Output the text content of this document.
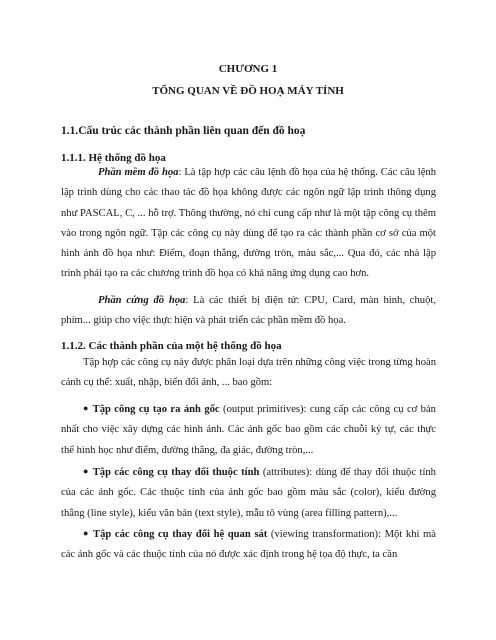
CHƯƠNG 1
TỔNG QUAN VỀ ĐỒ HOẠ MÁY TÍNH
1.1.Cấu trúc các thành phần liên quan đến đồ hoạ
1.1.1. Hệ thống đồ họa
Phần mềm đồ họa: Là tập hợp các câu lệnh đồ họa của hệ thống. Các câu lệnh lập trình dùng cho các thao tác đồ họa không được các ngôn ngữ lập trình thông dụng như PASCAL, C, ... hỗ trợ. Thông thường, nó chỉ cung cấp như là một tập công cụ thêm vào trong ngôn ngữ. Tập các công cụ này dùng để tạo ra các thành phần cơ sở của một hình ảnh đồ họa như: Điểm, đoạn thẳng, đường tròn, màu sắc,... Qua đó, các nhà lập trình phải tạo ra các chương trình đồ họa có khả năng ứng dụng cao hơn.
Phần cứng đồ họa: Là các thiết bị điện tử: CPU, Card, màn hình, chuột, phím... giúp cho việc thực hiện và phát triển các phần mềm đồ họa.
1.1.2. Các thành phần của một hệ thống đồ họa
Tập hợp các công cụ này được phân loại dựa trên những công việc trong từng hoàn cảnh cụ thể: xuất, nhập, biến đổi ảnh, ... bao gồm:
● Tập công cụ tạo ra ảnh gốc (output primitives): cung cấp các công cụ cơ bản nhất cho việc xây dựng các hình ảnh. Các ảnh gốc bao gồm các chuỗi ký tự, các thực thể hình học như điểm, đường thẳng, đa giác, đường tròn,...
● Tập các công cụ thay đổi thuộc tính (attributes): dùng để thay đổi thuộc tính của các ảnh gốc. Các thuộc tính của ảnh gốc bao gồm màu sắc (color), kiểu đường thẳng (line style), kiểu văn bản (text style), mẫu tô vùng (area filling pattern),...
● Tập các công cụ thay đổi hệ quan sát (viewing transformation): Một khi mà các ảnh gốc và các thuộc tính của nó được xác định trong hệ tọa độ thực, ta cần
